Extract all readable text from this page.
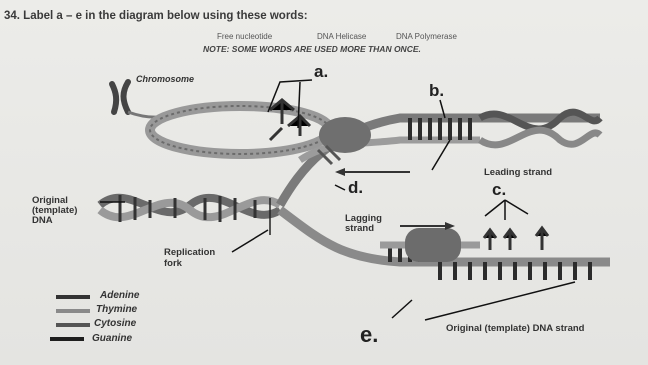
34. Label a – e in the diagram below using these words:
Free nucleotide	DNA Helicase	DNA Polymerase
NOTE: SOME WORDS ARE USED MORE THAN ONCE.
Chromosome
Original
(template)
DNA
Replication
fork
Leading strand
Lagging
strand
Original (template) DNA strand
a.
b.
c.
d.
e.
Adenine
Thymine
Cytosine
Guanine
